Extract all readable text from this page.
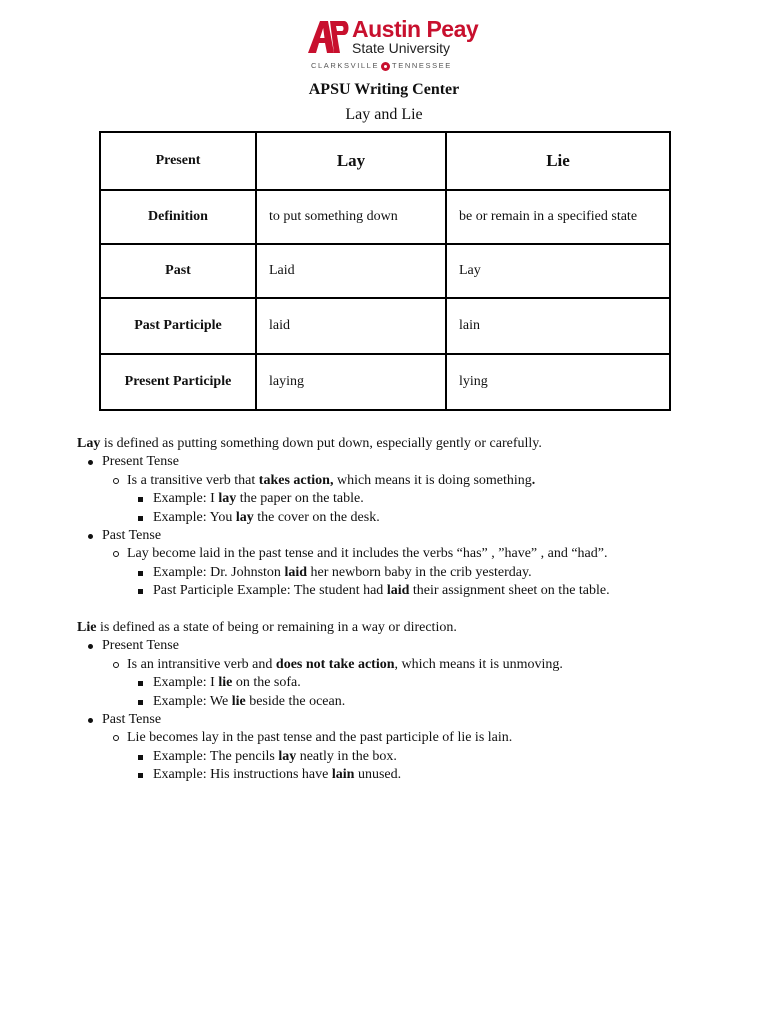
Austin Peay
State University
CLARKSVILLE TENNESSEE
APSU Writing Center
Lay and Lie
Present	Lay	Lie
Definition	to put something down	be or remain in a specified state
Past	Laid	Lay
Past Participle	laid	lain
Present Participle	laying	lying

Lay is defined as putting something down put down, especially gently or carefully.

Present Tense
Is a transitive verb that takes action, which means it is doing something.
Example: I lay the paper on the table.
Example: You lay the cover on the desk.
Past Tense
Lay become laid in the past tense and it includes the verbs “has” , ”have” , and “had”.
Example: Dr. Johnston laid her newborn baby in the crib yesterday.
Past Participle Example: The student had laid their assignment sheet on the table.

Lie is defined as a state of being or remaining in a way or direction.

Present Tense
Is an intransitive verb and does not take action, which means it is unmoving.
Example: I lie on the sofa.
Example: We lie beside the ocean.
Past Tense
Lie becomes lay in the past tense and the past participle of lie is lain.
Example: The pencils lay neatly in the box.
Example: His instructions have lain unused.
